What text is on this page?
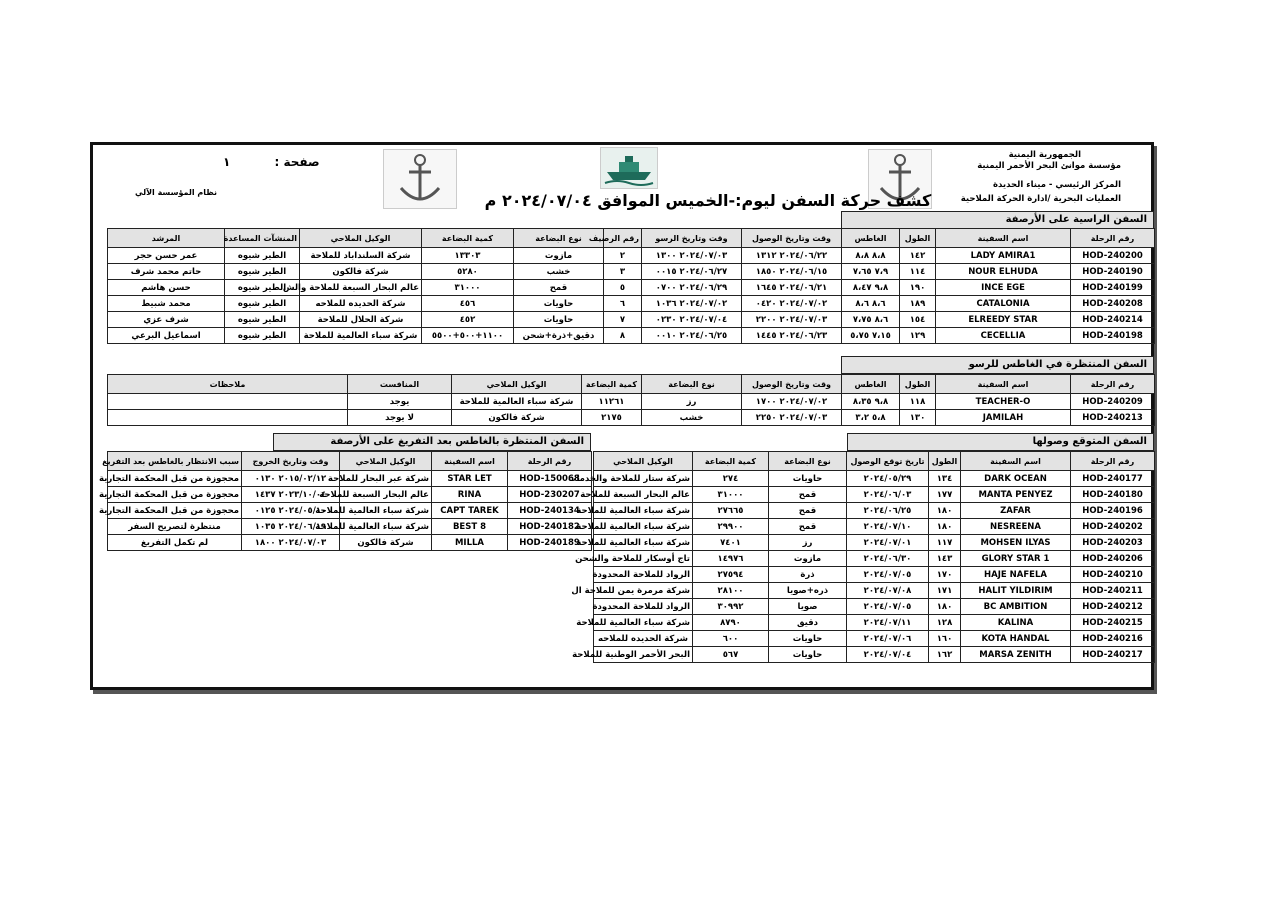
الجمهورية اليمنية
مؤسسة موانئ البحر الأحمر اليمنية
المركز الرئيسي - ميناء الحديدة
العمليات البحرية /ادارة الحركة الملاحية
كشف حركة السفن ليوم:-الخميس الموافق ٢٠٢٤/٠٧/٠٤ م
صفحة : ١
نظام المؤسسة الآلي
السفن الراسية على الأرصفة
رقم الرحلة	اسم السفينة	الطول	الغاطس	وقت وتاريخ الوصول	وقت وتاريخ الرسو	رقم الرصيف	نوع البضاعة	كمية البضاعة	الوكيل الملاحي	المنشآت المساعدة	المرشد
HOD-240200	LADY AMIRA1	١٤٢	٨،٨ ٨،٨	٢٠٢٤/٠٦/٢٢ ١٣١٢	٢٠٢٤/٠٧/٠٣ ١٣٠٠	٢	مازوت	١٣٣٠٣	شركة السلنداباد للملاحة	الطير شيوه	عمر حسن حجر
HOD-240190	NOUR ELHUDA	١١٤	٧،٩ ٧،٦٥	٢٠٢٤/٠٦/١٥ ١٨٥٠	٢٠٢٤/٠٦/٢٧ ٠٠١٥	٣	خشب	٥٢٨٠	شركة فالكون	الطير شيوه	حاتم محمد شرف
HOD-240199	INCE EGE	١٩٠	٩،٨ ٨،٤٧	٢٠٢٤/٠٦/٢١ ١٦٤٥	٢٠٢٤/٠٦/٢٩ ٠٧٠٠	٥	قمح	٣١٠٠٠	عالم البحار السبعة للملاحة والش	الطير شيوه	حسن هاشم
HOD-240208	CATALONIA	١٨٩	٨،٦ ٨،٦	٢٠٢٤/٠٧/٠٢ ٠٤٢٠	٢٠٢٤/٠٧/٠٢ ١٠٣٦	٦	حاويات	٤٥٦	شركة الحديده للملاحه	الطير شيوه	محمد شبيط
HOD-240214	ELREEDY STAR	١٥٤	٨،٦ ٧،٧٥	٢٠٢٤/٠٧/٠٣ ٢٢٠٠	٢٠٢٤/٠٧/٠٤ ٠٢٣٠	٧	حاويات	٤٥٢	شركة الحلال للملاحة	الطير شيوه	شرف عزي
HOD-240198	CECELLIA	١٢٩	٧،١٥ ٥،٧٥	٢٠٢٤/٠٦/٢٣ ١٤٤٥	٢٠٢٤/٠٦/٢٥ ٠٠١٠	٨	دقيق+ذرة+شحن	١١٠٠+٥٠٠+٥٥٠٠	شركة سباء العالمية للملاحة	الطير شيوه	اسماعيل البرعي
السفن المنتظرة في الغاطس للرسو
رقم الرحلة	اسم السفينة	الطول	الغاطس	وقت وتاريخ الوصول	نوع البضاعة	كمية البضاعة	الوكيل الملاحي	المنافست	ملاحظات
HOD-240209	TEACHER-O	١١٨	٩،٨ ٨،٣٥	٢٠٢٤/٠٧/٠٢ ١٧٠٠	رز	١١٢٦١	شركة سباء العالمية للملاحة	يوجد	
HOD-240213	JAMILAH	١٣٠	٥،٨ ٣،٢	٢٠٢٤/٠٧/٠٣ ٢٢٥٠	خشب	٢١٧٥	شركة فالكون	لا يوجد	
السفن المتوقع وصولها
رقم الرحلة	اسم السفينة	الطول	تاريخ توقع الوصول	نوع البضاعة	كمية البضاعة	الوكيل الملاحي
HOD-240177	DARK OCEAN	١٣٤	٢٠٢٤/٠٥/٢٩	حاويات	٢٧٤	شركة ستار للملاحة والخدمات
HOD-240180	MANTA PENYEZ	١٧٧	٢٠٢٤/٠٦/٠٣	قمح	٣١٠٠٠	عالم البحار السبعة للملاحة
HOD-240196	ZAFAR	١٨٠	٢٠٢٤/٠٦/٢٥	قمح	٢٧٦٦٥	شركة سباء العالمية للملاحة
HOD-240202	NESREENA	١٨٠	٢٠٢٤/٠٧/١٠	قمح	٢٩٩٠٠	شركة سباء العالمية للملاحة
HOD-240203	MOHSEN ILYAS	١١٧	٢٠٢٤/٠٧/٠١	رز	٧٤٠١	شركة سباء العالمية للملاحة
HOD-240206	GLORY STAR 1	١٤٣	٢٠٢٤/٠٦/٣٠	مازوت	١٤٩٧٦	تاج أوسكار للملاحة والشحن
HOD-240210	HAJE NAFELA	١٧٠	٢٠٢٤/٠٧/٠٥	ذرة	٢٧٥٩٤	الرواد للملاحة المحدودة
HOD-240211	HALIT YILDIRIM	١٧١	٢٠٢٤/٠٧/٠٨	ذره+صويا	٢٨١٠٠	شركة مرمرة يمن للملاحة ال
HOD-240212	BC AMBITION	١٨٠	٢٠٢٤/٠٧/٠٥	صويا	٣٠٩٩٢	الرواد للملاحة المحدودة
HOD-240215	KALINA	١٢٨	٢٠٢٤/٠٧/١١	دقيق	٨٧٩٠	شركة سباء العالمية للملاحة
HOD-240216	KOTA HANDAL	١٦٠	٢٠٢٤/٠٧/٠٦	حاويات	٦٠٠	شركة الحديده للملاحه
HOD-240217	MARSA ZENITH	١٦٢	٢٠٢٤/٠٧/٠٤	حاويات	٥٦٧	البحر الأحمر الوطنية للملاحة
السفن المنتظرة بالغاطس بعد التفريغ على الأرصفة
رقم الرحلة	اسم السفينة	الوكيل الملاحي	وقت وتاريخ الخروج	سبب الانتظار بالغاطس بعد التفريغ
HOD-150068	STAR LET	شركة عبر البحار للملاحة	٢٠١٥/٠٢/١٢ ٠١٣٠	محجوزة من قبل المحكمة التجارية
HOD-230207	RINA	عالم البحار السبعة للملاحة	٢٠٢٣/١٠/٠٤ ١٤٣٧	محجوزة من قبل المحكمة التجارية
HOD-240134	CAPT TAREK	شركة سباء العالمية للملاحة	٢٠٢٤/٠٥/١٠ ٠١٢٥	محجوزة من قبل المحكمة التجارية
HOD-240182	BEST 8	شركة سباء العالمية للملاحة	٢٠٢٤/٠٦/١٩ ١٠٣٥	منتظرة لتصريح السفر
HOD-240189	MILLA	شركة فالكون	٢٠٢٤/٠٧/٠٣ ١٨٠٠	لم تكمل التفريغ
